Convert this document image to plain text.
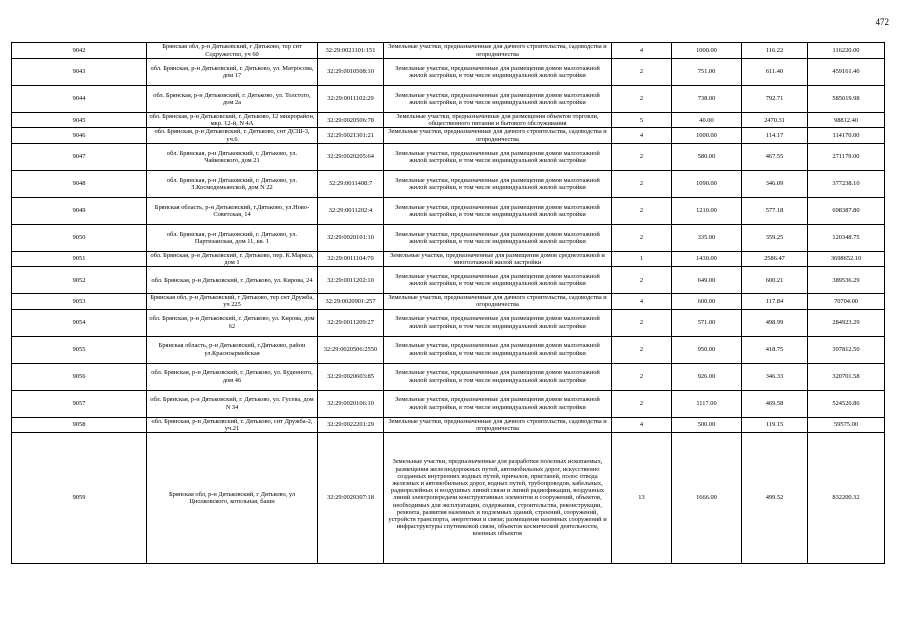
472
9042	Брянская обл, р-н Дятьковский, г Дятьково, тер снт Содружество, уч 60	32:29:0021101:151	Земельные участки, предназначенные для дачного строительства, садоводства и огородничества	4	1000.00	116.22	116220.00
9043	обл. Брянская, р-н Дятьковский, г. Дятьково, ул. Матросова, дом 17	32:29:0010508:10	Земельные участки, предназначенные для размещения домов малоэтажной жилой застройки, в том числе индивидуальной жилой застройки	2	751.00	611.40	459161.40
9044	обл. Брянская, р-н Дятьковский, г. Дятьково, ул. Толстого, дом 2а	32:29:0011102:29	Земельные участки, предназначенные для размещения домов малоэтажной жилой застройки, в том числе индивидуальной жилой застройки	2	738.00	792.71	585019.98
9045	обл. Брянская, р-н Дятьковский, г. Дятьково, 12 микрорайон, мкр. 12-й, N 4А	32:29:0020506:78	Земельные участки, предназначенные для размещения объектов торговли, общественного питания и бытового обслуживания	5	40.00	2470.31	98812.40
9046	обл. Брянская, р-н Дятьковский, г. Дятьково, снт ДСШ-3, уч.6	32:29:0021301:21	Земельные участки, предназначенные для дачного строительства, садоводства и огородничества	4	1000.00	114.17	114170.00
9047	обл. Брянская, р-н Дятьковский, г. Дятьково, ул. Чайковского, дом 21	32:29:0020205:64	Земельные участки, предназначенные для размещения домов малоэтажной жилой застройки, в том числе индивидуальной жилой застройки	2	580.00	467.55	271179.00
9048	обл. Брянская, р-н Дятьковский, г. Дятьково, ул. З.Космодемьянской, дом N 22	32:29:0011408:7	Земельные участки, предназначенные для размещения домов малоэтажной жилой застройки, в том числе индивидуальной жилой застройки	2	1090.00	346.09	377238.10
9049	Брянская область, р-н Дятьковский, г.Дятьково, ул.Ново-Советская, 14	32:29:0011202:4	Земельные участки, предназначенные для размещения домов малоэтажной жилой застройки, в том числе индивидуальной жилой застройки	2	1210.00	577.18	698387.80
9050	обл. Брянская, р-н Дятьковский, г. Дятьково, ул. Партизанская, дом 11, кв. 1	32:29:0020101:10	Земельные участки, предназначенные для размещения домов малоэтажной жилой застройки, в том числе индивидуальной жилой застройки	2	335.00	359.25	120348.75
9051	обл. Брянская, р-н Дятьковский, г. Дятьково, пер. К.Маркса, дом 1	32:29:0011104:70	Земельные участки, предназначенные для размещения домов среднеэтажной и многоэтажной жилой застройки	1	1430.00	2586.47	3698652.10
9052	обл. Брянская, р-н Дятьковский, г. Дятьково, ул. Кирова, 24	32:29:0011202:10	Земельные участки, предназначенные для размещения домов малоэтажной жилой застройки, в том числе индивидуальной жилой застройки	2	649.00	600.21	389536.29
9053	Брянская обл, р-н Дятьковский, г Дятьково, тер снт Дружба, уч 225	32:29:0020901:257	Земельные участки, предназначенные для дачного строительства, садоводства и огородничества	4	600.00	117.84	70704.00
9054	обл. Брянская, р-н Дятьковский, г. Дятьково, ул. Кирова, дом 62	32:29:0011209:27	Земельные участки, предназначенные для размещения домов малоэтажной жилой застройки, в том числе индивидуальной жилой застройки	2	571.00	498.99	284923.29
9055	Брянская область, р-н Дятьковский, г.Дятьково, район ул.Красноармейская	32:29:0020506:2550	Земельные участки, предназначенные для размещения домов малоэтажной жилой застройки, в том числе индивидуальной жилой застройки	2	950.00	418.75	397812.50
9056	обл. Брянская, р-н Дятьковский, г. Дятьково, ул. Буденного, дом 46	32:29:0020603:85	Земельные участки, предназначенные для размещения домов малоэтажной жилой застройки, в том числе индивидуальной жилой застройки	2	926.00	346.33	320701.58
9057	обл. Брянская, р-н Дятьковский, г. Дятьково, ул. Гусева, дом N 34	32:29:0020106:10	Земельные участки, предназначенные для размещения домов малоэтажной жилой застройки, в том числе индивидуальной жилой застройки	2	1117.00	469.58	524520.86
9058	обл. Брянская, р-н Дятьковский, г. Дятьково, снт Дружба-2, уч.21	32:29:0022201:29	Земельные участки, предназначенные для дачного строительства, садоводства и огородничества	4	500.00	119.15	59575.00
9059	Брянская обл, р-н Дятьковский, г Дятьково, ул Циолковского, котельная, башн	32:29:0020307:18	Земельные участки, предназначенные для разработки полезных ископаемых, размещения железнодорожных путей, автомобильных дорог, искусственно созданных внутренних водных путей, причалов, пристаней, полос отвода железных и автомобильных дорог, водных путей, трубопроводов, кабельных, радиорелейных и воздушных линий связи и линий радиофикации, воздушных линий электропередачи конструктивных элементов и сооружений, объектов, необходимых для эксплуатации, содержания, строительства, реконструкции, ремонта, развития наземных и подземных зданий, строений, сооружений, устройств транспорта, энергетики и связи; размещения наземных сооружений и инфраструктуры спутниковой связи, объектов космической деятельности, военных объектов	13	1666.00	499.52	832200.32
